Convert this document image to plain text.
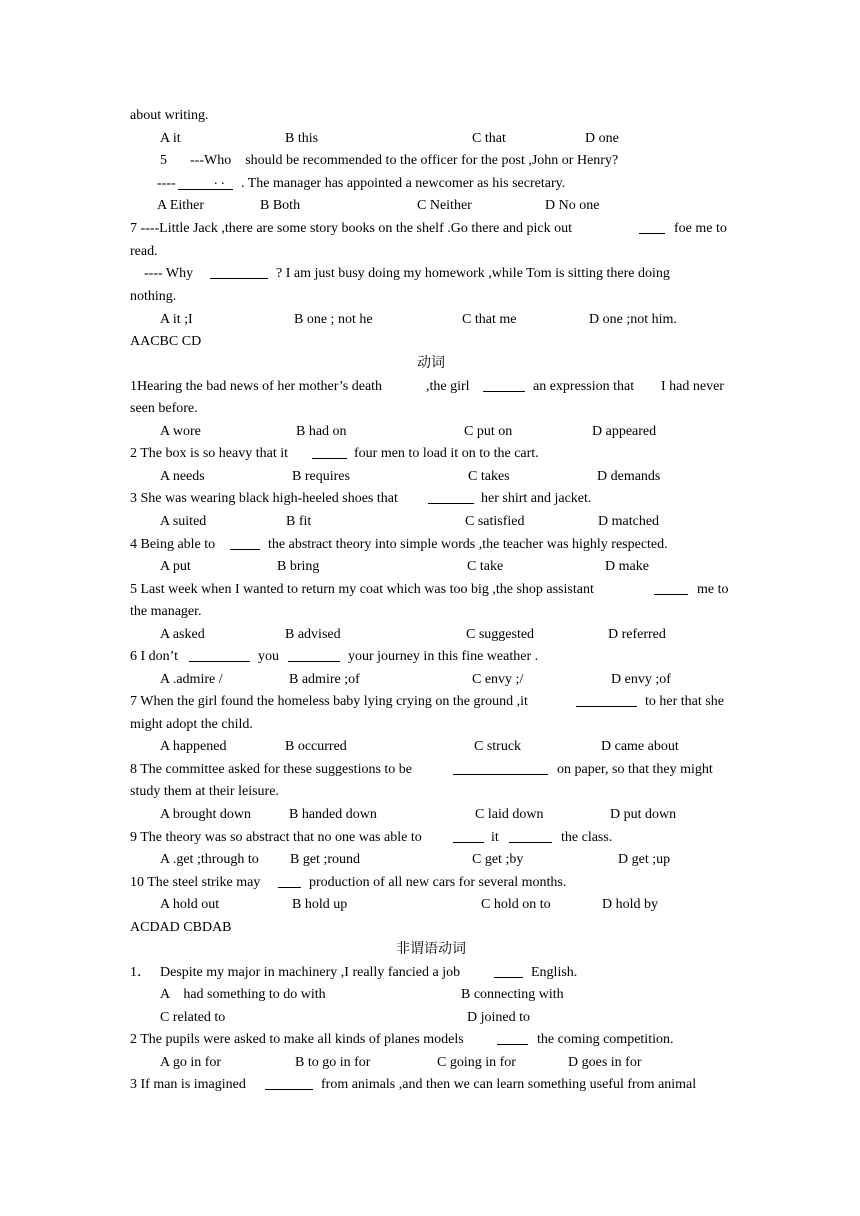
about writing.
A it	B this	C that	D one
5 ---Who    should be recommended to the officer for the post ,John or Henry?
----	. . . The manager has appointed a newcomer as his secretary.
A Either	B Both	C Neither	D No one
7 ----Little Jack ,there are some story books on the shelf .Go there and pick out	foe me to
read.
---- Why	? I am just busy doing my homework ,while Tom is sitting there doing
nothing.
A it ;I	B one ; not he	C that me	D one ;not him.
AACBC CD
动词
1Hearing the bad news of her mother’s death	,the girl	an expression that I had never
seen before.
A wore	B had on	C put on	D appeared
2 The box is so heavy that it	four men to load it on to the cart.
A needs	B requires	C takes	D demands
3 She was wearing black high-heeled shoes that	her shirt and jacket.
A suited	B fit	C satisfied	D matched
4 Being able to	the abstract theory into simple words ,the teacher was highly respected.
A put	B bring	C take	D make
5 Last week when I wanted to return my coat which was too big ,the shop assistant	me to
the manager.
A asked	B advised	C suggested	D referred
6 I don’t	you	your journey in this fine weather .
A .admire /	B admire ;of	C envy ;/	D envy ;of
7 When the girl found the homeless baby lying crying on the ground ,it	to her that she
might adopt the child.
A happened	B occurred	C struck	D came about
8 The committee asked for these suggestions to be	on paper, so that they might
study them at their leisure.
A brought down	B handed down	C laid down	D put down
9 The theory was so abstract that no one was able to	it	the class.
A .get ;through to B get ;round	C get ;by	D get ;up
10 The steel strike may	production of all new cars for several months.
A hold out	B hold up	C hold on to	D hold by
ACDAD CBDAB
非谓语动词
1． Despite my major in machinery ,I really fancied a job	English.
A    had something to do with	B connecting with
C related to	D joined to
2 The pupils were asked to make all kinds of planes models	the coming competition.
A go in for	B to go in for	C going in for	D goes in for
3 If man is imagined	from animals ,and then we can learn something useful from animal
